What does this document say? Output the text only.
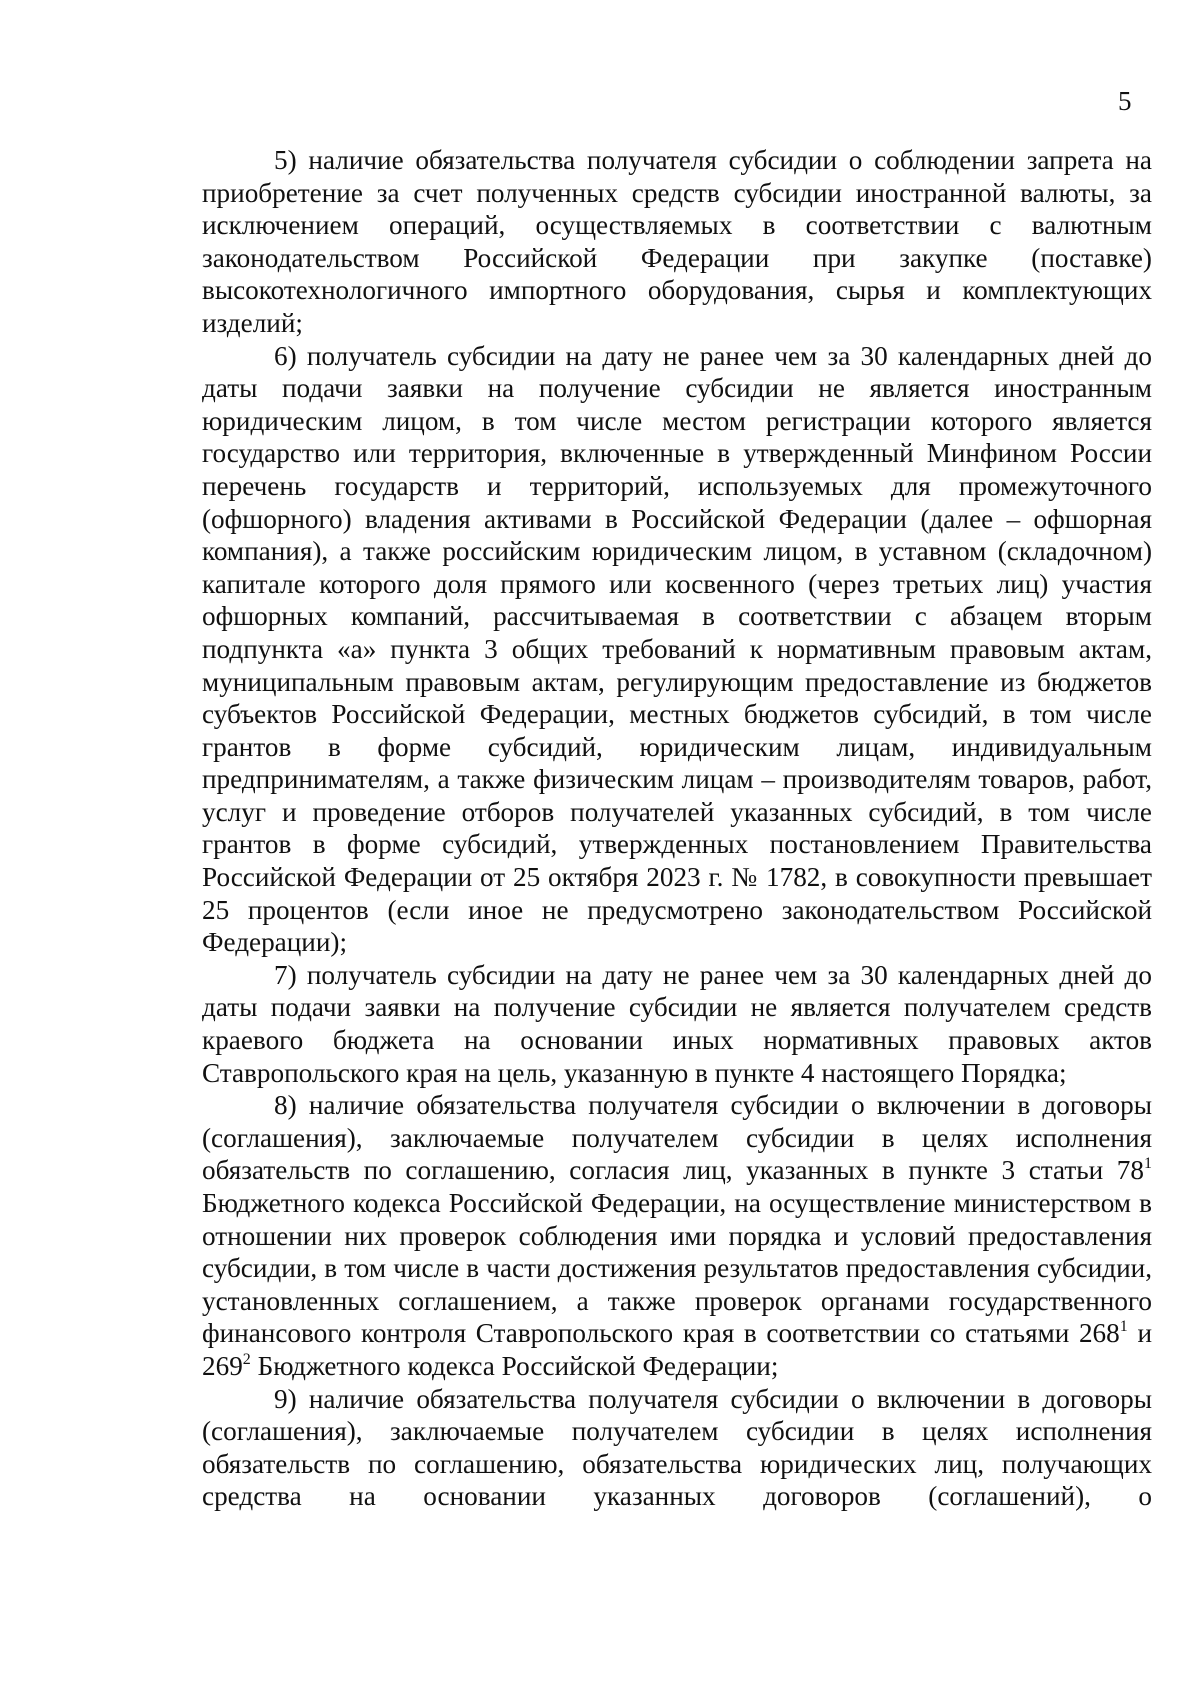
5

5) наличие обязательства получателя субсидии о соблюдении запрета на приобретение за счет полученных средств субсидии иностранной валюты, за исключением операций, осуществляемых в соответствии с валютным законодательством Российской Федерации при закупке (поставке) высокотехнологичного импортного оборудования, сырья и комплектующих изделий;

6) получатель субсидии на дату не ранее чем за 30 календарных дней до даты подачи заявки на получение субсидии не является иностранным юридическим лицом, в том числе местом регистрации которого является государство или территория, включенные в утвержденный Минфином России перечень государств и территорий, используемых для промежуточного (офшорного) владения активами в Российской Федерации (далее – офшорная компания), а также российским юридическим лицом, в уставном (складочном) капитале которого доля прямого или косвенного (через третьих лиц) участия офшорных компаний, рассчитываемая в соответствии с абзацем вторым подпункта «а» пункта 3 общих требований к нормативным правовым актам, муниципальным правовым актам, регулирующим предоставление из бюджетов субъектов Российской Федерации, местных бюджетов субсидий, в том числе грантов в форме субсидий, юридическим лицам, индивидуальным предпринимателям, а также физическим лицам – производителям товаров, работ, услуг и проведение отборов получателей указанных субсидий, в том числе грантов в форме субсидий, утвержденных постановлением Правительства Российской Федерации от 25 октября 2023 г. № 1782, в совокупности превышает 25 процентов (если иное не предусмотрено законодательством Российской Федерации);

7) получатель субсидии на дату не ранее чем за 30 календарных дней до даты подачи заявки на получение субсидии не является получателем средств краевого бюджета на основании иных нормативных правовых актов Ставропольского края на цель, указанную в пункте 4 настоящего Порядка;

8) наличие обязательства получателя субсидии о включении в договоры (соглашения), заключаемые получателем субсидии в целях исполнения обязательств по соглашению, согласия лиц, указанных в пункте 3 статьи $78^1$ Бюджетного кодекса Российской Федерации, на осуществление министерством в отношении них проверок соблюдения ими порядка и условий предоставления субсидии, в том числе в части достижения результатов предоставления субсидии, установленных соглашением, а также проверок органами государственного финансового контроля Ставропольского края в соответствии со статьями $268^1$ и $269^2$ Бюджетного кодекса Российской Федерации;

9) наличие обязательства получателя субсидии о включении в договоры (соглашения), заключаемые получателем субсидии в целях исполнения обязательств по соглашению, обязательства юридических лиц, получающих средства на основании указанных договоров (соглашений), о
